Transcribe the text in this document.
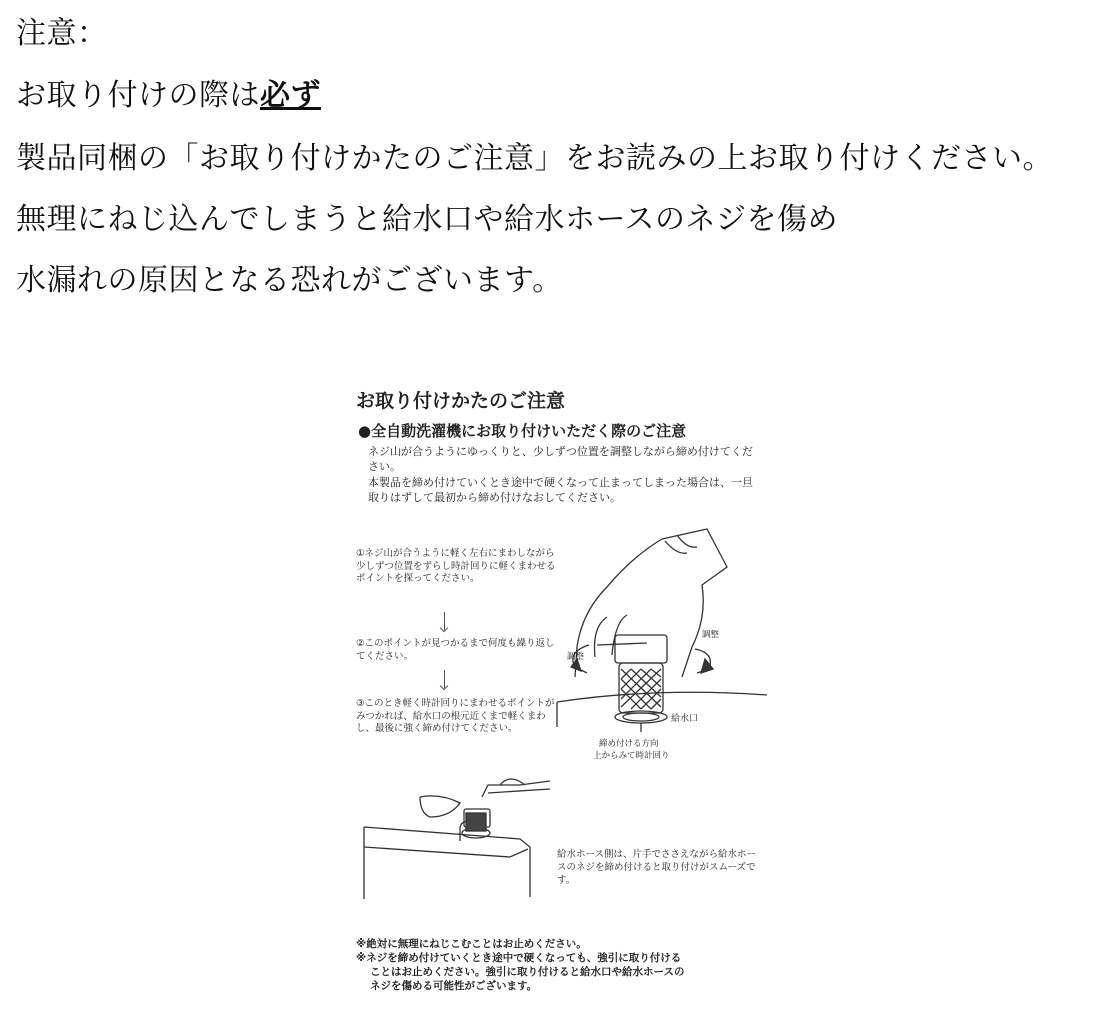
注意：
お取り付けの際は必ず
製品同梱の「お取り付けかたのご注意」をお読みの上お取り付けください。
無理にねじ込んでしまうと給水口や給水ホースのネジを傷め
水漏れの原因となる恐れがございます。
お取り付けかたのご注意
●全自動洗濯機にお取り付けいただく際のご注意

ネジ山が合うようにゆっくりと、少しずつ位置を調整しながら締め付けてください。

本製品を締め付けていくとき途中で硬くなって止まってしまった場合は、一旦取りはずして最初から締め付けなおしてください。

①ネジ山が合うように軽く左右にまわしながら少しずつ位置をずらし時計回りに軽くまわせるポイントを探ってください。
②このポイントが見つかるまで何度も繰り返してください。
③このとき軽く時計回りにまわせるポイントがみつかれば、給水口の根元近くまで軽くまわし、最後に強く締め付けてください。
調整
調整
給水口
締め付ける方向
上からみて時計回り
給水ホース側は、片手でささえながら給水ホースのネジを締め付けると取り付けがスムーズです。

※絶対に無理にねじこむことはお止めください。

※ネジを締め付けていくとき途中で硬くなっても、強引に取り付ける

ことはお止めください。強引に取り付けると給水口や給水ホースの

ネジを傷める可能性がございます。
